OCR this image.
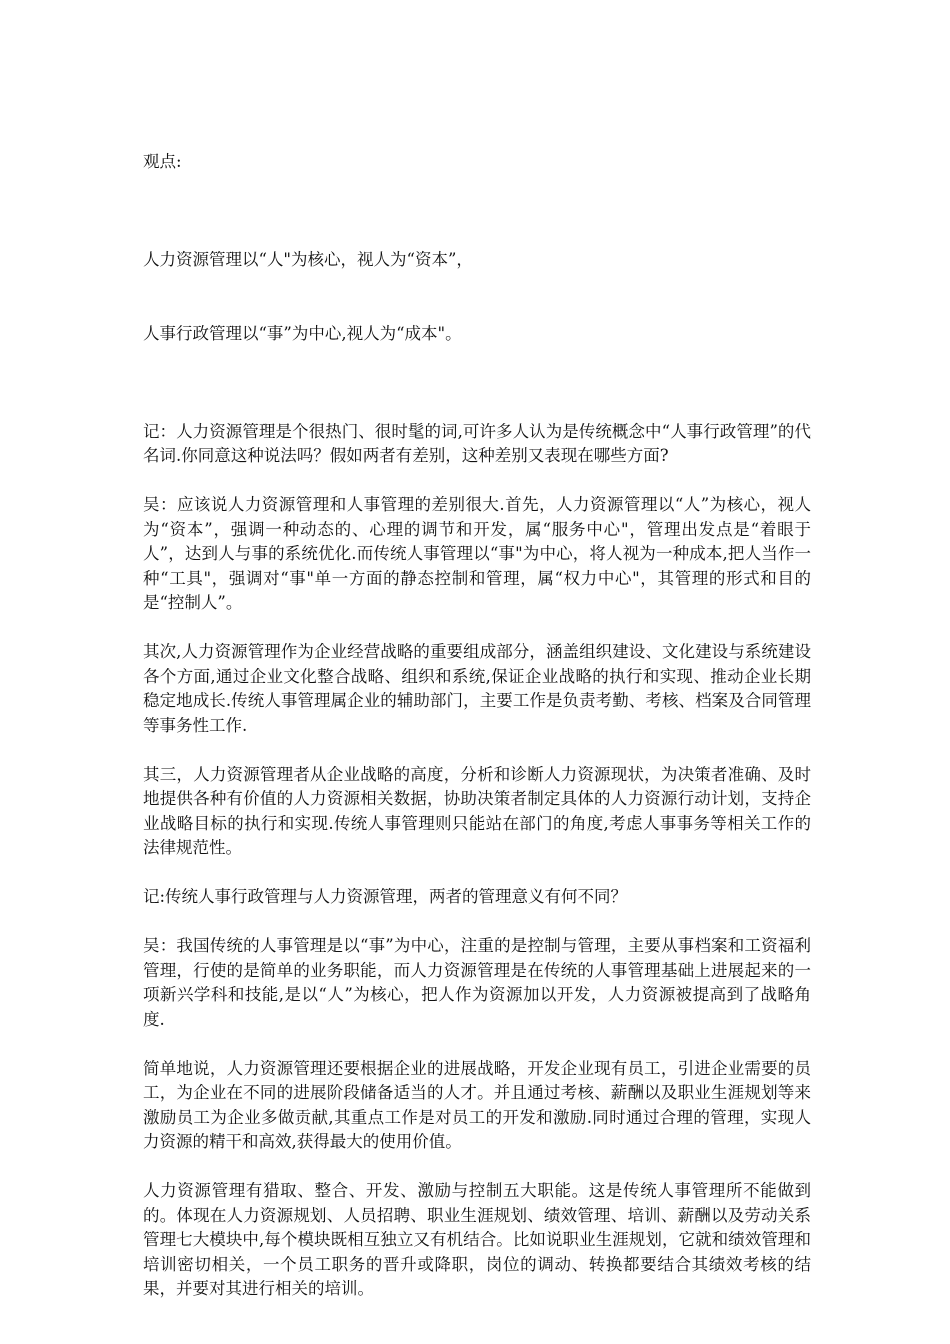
观点:

人力资源管理以“人"为核心，视人为“资本”，

人事行政管理以“事”为中心,视人为“成本"。

记：人力资源管理是个很热门、很时髦的词,可许多人认为是传统概念中“人事行政管理”的代名词.你同意这种说法吗？假如两者有差别，这种差别又表现在哪些方面?

吴：应该说人力资源管理和人事管理的差别很大.首先，人力资源管理以“人”为核心，视人为“资本”，强调一种动态的、心理的调节和开发，属“服务中心"，管理出发点是“着眼于人”，达到人与事的系统优化.而传统人事管理以“事"为中心，将人视为一种成本,把人当作一种“工具"，强调对“事"单一方面的静态控制和管理，属“权力中心"，其管理的形式和目的是“控制人”。

其次,人力资源管理作为企业经营战略的重要组成部分，涵盖组织建设、文化建设与系统建设各个方面,通过企业文化整合战略、组织和系统,保证企业战略的执行和实现、推动企业长期稳定地成长.传统人事管理属企业的辅助部门，主要工作是负责考勤、考核、档案及合同管理等事务性工作.

其三，人力资源管理者从企业战略的高度，分析和诊断人力资源现状，为决策者准确、及时地提供各种有价值的人力资源相关数据，协助决策者制定具体的人力资源行动计划，支持企业战略目标的执行和实现.传统人事管理则只能站在部门的角度,考虑人事事务等相关工作的法律规范性。

记:传统人事行政管理与人力资源管理，两者的管理意义有何不同？

吴：我国传统的人事管理是以“事”为中心，注重的是控制与管理，主要从事档案和工资福利管理，行使的是简单的业务职能，而人力资源管理是在传统的人事管理基础上进展起来的一项新兴学科和技能,是以“人”为核心，把人作为资源加以开发，人力资源被提高到了战略角度.

简单地说，人力资源管理还要根据企业的进展战略，开发企业现有员工，引进企业需要的员工，为企业在不同的进展阶段储备适当的人才。并且通过考核、薪酬以及职业生涯规划等来激励员工为企业多做贡献,其重点工作是对员工的开发和激励.同时通过合理的管理，实现人力资源的精干和高效,获得最大的使用价值。

人力资源管理有猎取、整合、开发、激励与控制五大职能。这是传统人事管理所不能做到的。体现在人力资源规划、人员招聘、职业生涯规划、绩效管理、培训、薪酬以及劳动关系管理七大模块中,每个模块既相互独立又有机结合。比如说职业生涯规划，它就和绩效管理和培训密切相关，一个员工职务的晋升或降职，岗位的调动、转换都要结合其绩效考核的结果，并要对其进行相关的培训。
